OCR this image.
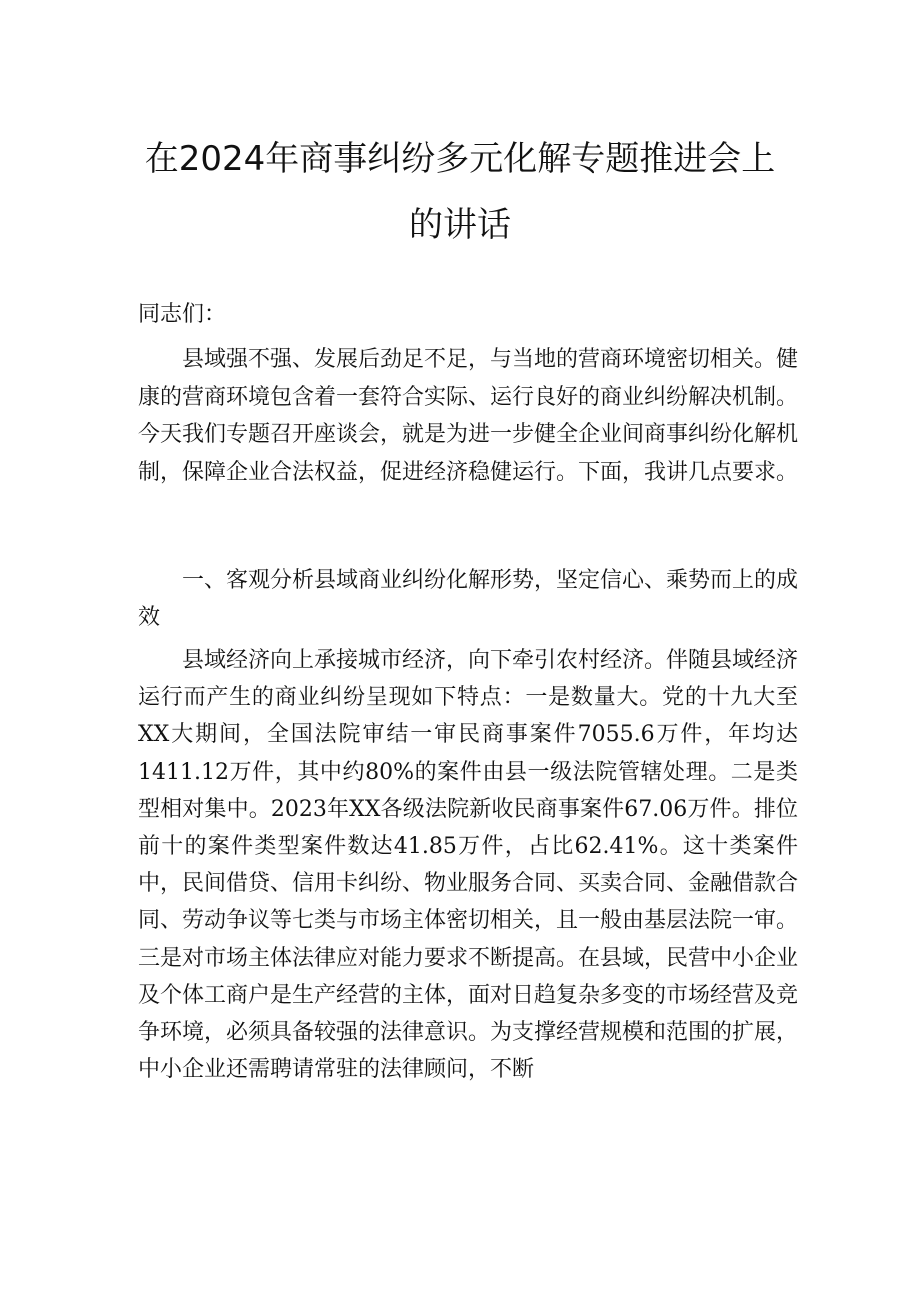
在2024年商事纠纷多元化解专题推进会上
的讲话

同志们：

县域强不强、发展后劲足不足，与当地的营商环境密切相关。健康的营商环境包含着一套符合实际、运行良好的商业纠纷解决机制。今天我们专题召开座谈会，就是为进一步健全企业间商事纠纷化解机制，保障企业合法权益，促进经济稳健运行。下面，我讲几点要求。

一、客观分析县域商业纠纷化解形势，坚定信心、乘势而上的成效

县域经济向上承接城市经济，向下牵引农村经济。伴随县域经济运行而产生的商业纠纷呈现如下特点：一是数量大。党的十九大至XX大期间，全国法院审结一审民商事案件7055.6万件，年均达1411.12万件，其中约80%的案件由县一级法院管辖处理。二是类型相对集中。2023年XX各级法院新收民商事案件67.06万件。排位前十的案件类型案件数达41.85万件，占比62.41%。这十类案件中，民间借贷、信用卡纠纷、物业服务合同、买卖合同、金融借款合同、劳动争议等七类与市场主体密切相关，且一般由基层法院一审。三是对市场主体法律应对能力要求不断提高。在县域，民营中小企业及个体工商户是生产经营的主体，面对日趋复杂多变的市场经营及竞争环境，必须具备较强的法律意识。为支撑经营规模和范围的扩展，中小企业还需聘请常驻的法律顾问，不断
